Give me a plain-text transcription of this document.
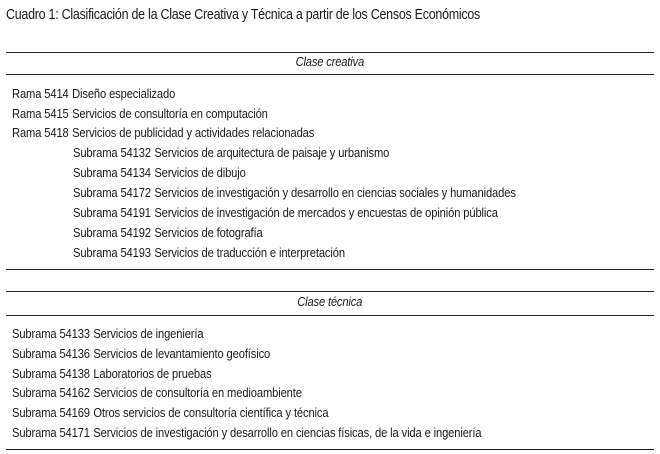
Cuadro 1: Clasificación de la Clase Creativa y Técnica a partir de los Censos Económicos
Clase creativa
Rama 5414 Diseño especializado
Rama 5415 Servicios de consultoría en computación
Rama 5418 Servicios de publicidad y actividades relacionadas
Subrama 54132 Servicios de arquitectura de paisaje y urbanismo
Subrama 54134 Servicios de dibujo
Subrama 54172 Servicios de investigación y desarrollo en ciencias sociales y humanidades
Subrama 54191 Servicios de investigación de mercados y encuestas de opinión pública
Subrama 54192 Servicios de fotografía
Subrama 54193 Servicios de traducción e interpretación
Clase técnica
Subrama 54133 Servicios de ingeniería
Subrama 54136 Servicios de levantamiento geofísico
Subrama 54138 Laboratorios de pruebas
Subrama 54162 Servicios de consultoría en medioambiente
Subrama 54169 Otros servicios de consultoría científica y técnica
Subrama 54171 Servicios de investigación y desarrollo en ciencias físicas, de la vida e ingeniería
